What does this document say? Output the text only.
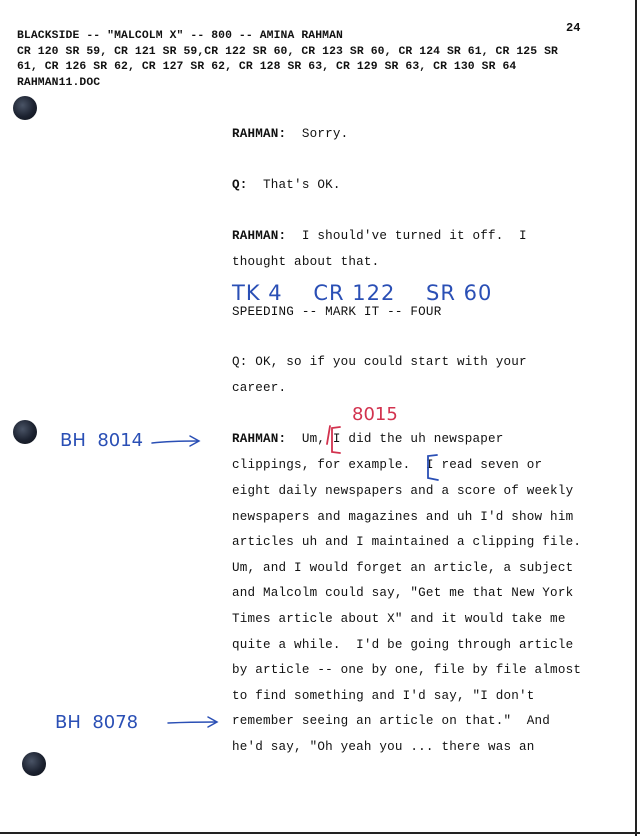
24
BLACKSIDE -- "MALCOLM X" -- 800 -- AMINA RAHMAN
CR 120 SR 59, CR 121 SR 59,CR 122 SR 60, CR 123 SR 60, CR 124 SR 61, CR 125 SR
61, CR 126 SR 62, CR 127 SR 62, CR 128 SR 63, CR 129 SR 63, CR 130 SR 64
RAHMAN11.DOC
RAHMAN: Sorry.
Q: That's OK.
RAHMAN: I should've turned it off.  I
thought about that.
TK 4    CR 122    SR 60
SPEEDING -- MARK IT -- FOUR
Q: OK, so if you could start with your
career.
RAHMAN: Um, I did the uh newspaper
clippings, for example.  I read seven or
eight daily newspapers and a score of weekly
newspapers and magazines and uh I'd show him
articles uh and I maintained a clipping file.
Um, and I would forget an article, a subject
and Malcolm could say, "Get me that New York
Times article about X" and it would take me
quite a while.  I'd be going through article
by article -- one by one, file by file almost
to find something and I'd say, "I don't
remember seeing an article on that."  And
he'd say, "Oh yeah you ... there was an
BH  8014
BH  8078
8015
